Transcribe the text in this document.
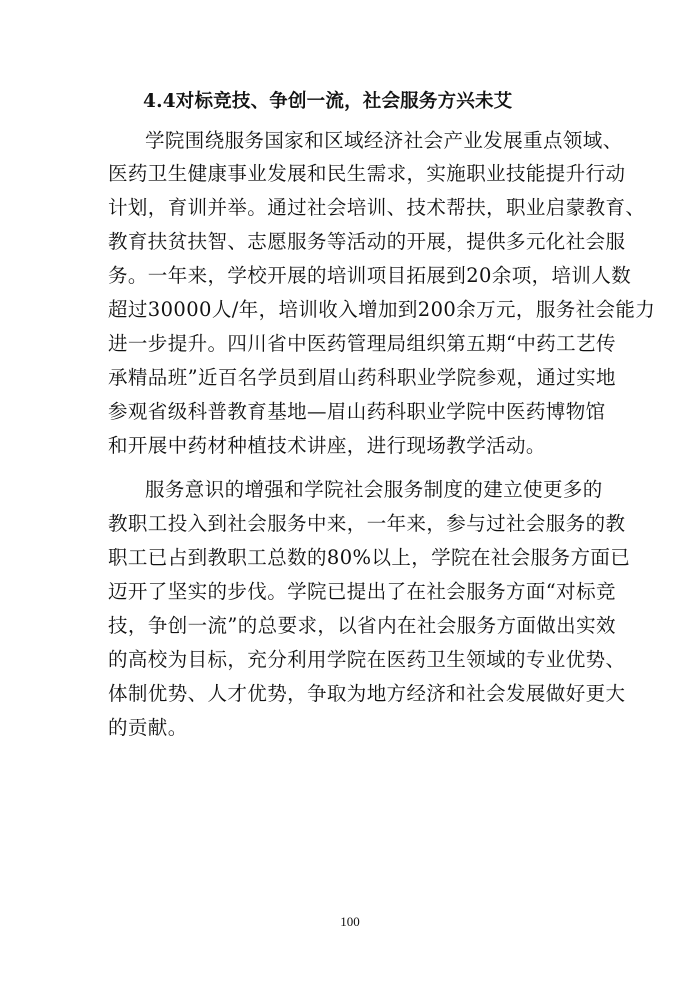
4.4对标竞技、争创一流，社会服务方兴未艾
学院围绕服务国家和区域经济社会产业发展重点领域、
医药卫生健康事业发展和民生需求，实施职业技能提升行动
计划，育训并举。通过社会培训、技术帮扶，职业启蒙教育、
教育扶贫扶智、志愿服务等活动的开展，提供多元化社会服
务。一年来，学校开展的培训项目拓展到20余项，培训人数
超过30000人/年，培训收入增加到200余万元，服务社会能力
进一步提升。四川省中医药管理局组织第五期“中药工艺传
承精品班”近百名学员到眉山药科职业学院参观，通过实地
参观省级科普教育基地—眉山药科职业学院中医药博物馆
和开展中药材种植技术讲座，进行现场教学活动。
服务意识的增强和学院社会服务制度的建立使更多的
教职工投入到社会服务中来，一年来，参与过社会服务的教
职工已占到教职工总数的80%以上，学院在社会服务方面已
迈开了坚实的步伐。学院已提出了在社会服务方面“对标竞
技，争创一流”的总要求，以省内在社会服务方面做出实效
的高校为目标，充分利用学院在医药卫生领域的专业优势、
体制优势、人才优势，争取为地方经济和社会发展做好更大
的贡献。
100
